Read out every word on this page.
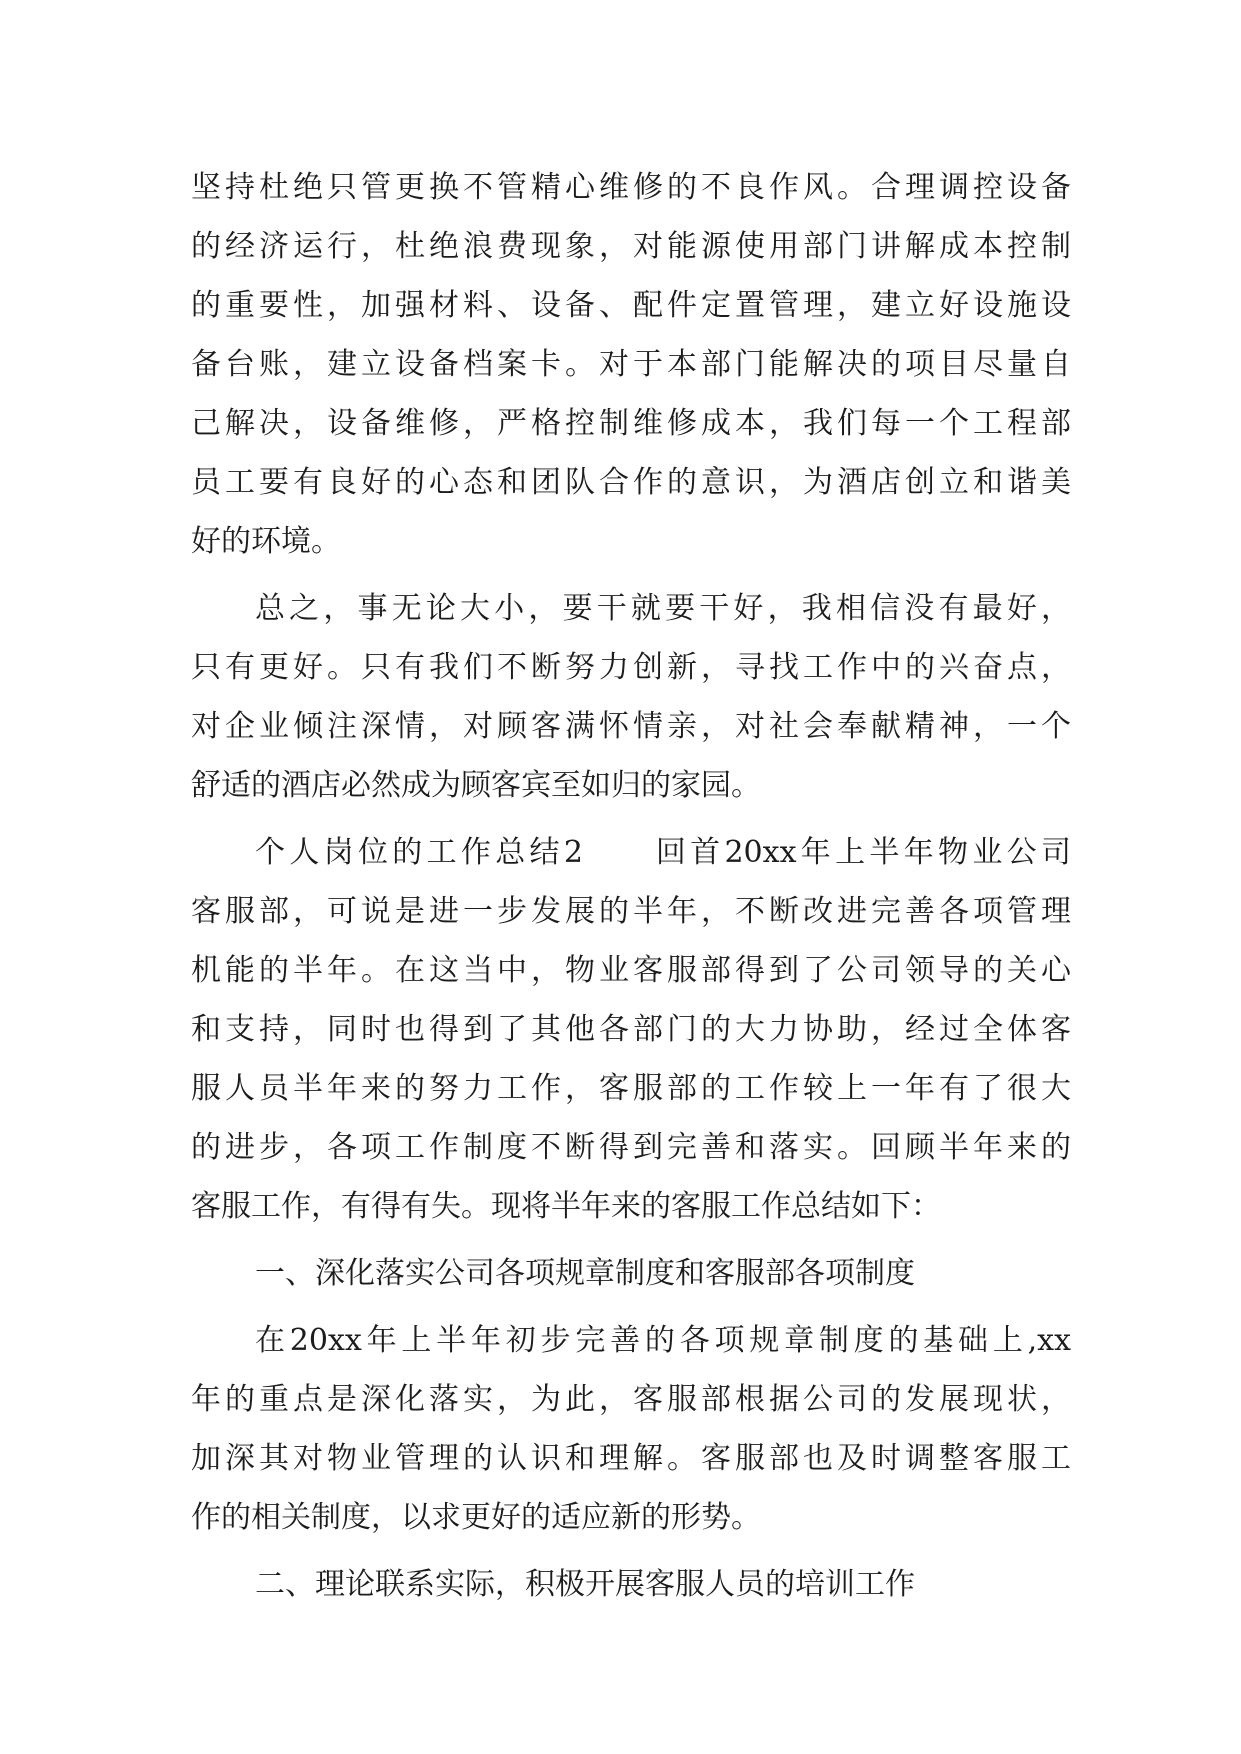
坚持杜绝只管更换不管精心维修的不良作风。合理调控设备
的经济运行，杜绝浪费现象，对能源使用部门讲解成本控制
的重要性，加强材料、设备、配件定置管理，建立好设施设
备台账，建立设备档案卡。对于本部门能解决的项目尽量自
己解决，设备维修，严格控制维修成本，我们每一个工程部
员工要有良好的心态和团队合作的意识，为酒店创立和谐美
好的环境。
总之，事无论大小，要干就要干好，我相信没有最好，
只有更好。只有我们不断努力创新，寻找工作中的兴奋点，
对企业倾注深情，对顾客满怀情亲，对社会奉献精神，一个
舒适的酒店必然成为顾客宾至如归的家园。
个人岗位的工作总结2　　回首20xx年上半年物业公司
客服部，可说是进一步发展的半年，不断改进完善各项管理
机能的半年。在这当中，物业客服部得到了公司领导的关心
和支持，同时也得到了其他各部门的大力协助，经过全体客
服人员半年来的努力工作，客服部的工作较上一年有了很大
的进步，各项工作制度不断得到完善和落实。回顾半年来的
客服工作，有得有失。现将半年来的客服工作总结如下：
一、深化落实公司各项规章制度和客服部各项制度
在20xx年上半年初步完善的各项规章制度的基础上,xx
年的重点是深化落实，为此，客服部根据公司的发展现状，
加深其对物业管理的认识和理解。客服部也及时调整客服工
作的相关制度，以求更好的适应新的形势。
二、理论联系实际，积极开展客服人员的培训工作
